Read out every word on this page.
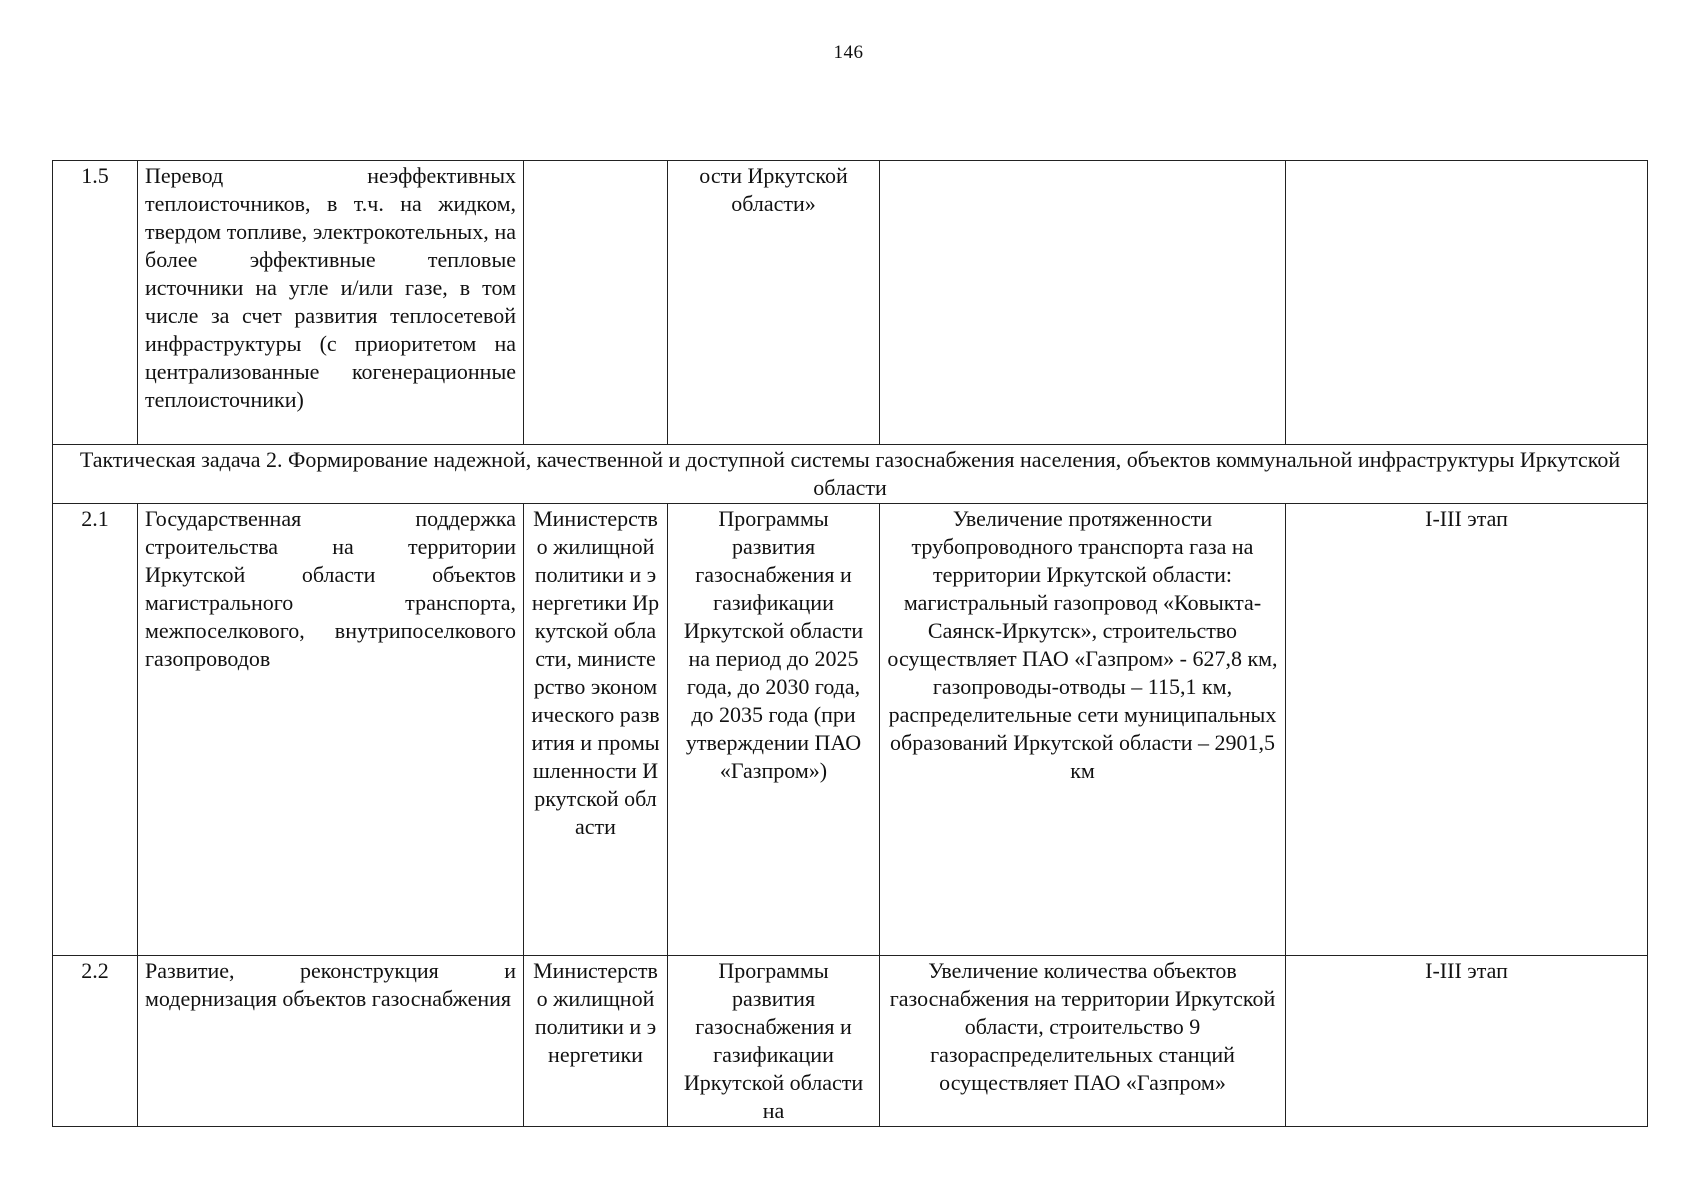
146
1.5	Перевод неэффективных теплоисточников, в т.ч. на жидком, твердом топливе, электрокотельных, на более эффективные тепловые источники на угле и/или газе, в том числе за счет развития теплосетевой инфраструктуры (с приоритетом на централизованные когенерационные теплоисточники)		ости Иркутской области»		
Тактическая задача 2. Формирование надежной, качественной и доступной системы газоснабжения населения, объектов коммунальной инфраструктуры Иркутской области					
2.1	Государственная поддержка строительства на территории Иркутской области объектов магистрального транспорта, межпоселкового, внутрипоселкового газопроводов	Министерство жилищной политики и энергетики Иркутской области, министерство экономического развития и промышленности Иркутской области	Программы развития газоснабжения и газификации Иркутской области на период до 2025 года, до 2030 года, до 2035 года (при утверждении ПАО «Газпром»)	Увеличение протяженности трубопроводного транспорта газа на территории Иркутской области: магистральный газопровод «Ковыкта-Саянск-Иркутск», строительство осуществляет ПАО «Газпром» - 627,8 км, газопроводы-отводы – 115,1 км, распределительные сети муниципальных образований Иркутской области – 2901,5 км	I-III этап
2.2	Развитие, реконструкция и модернизация объектов газоснабжения	Министерство жилищной политики и энергетики	Программы развития газоснабжения и газификации Иркутской области на	Увеличение количества объектов газоснабжения на территории Иркутской области, строительство 9 газораспределительных станций осуществляет ПАО «Газпром»	I-III этап
